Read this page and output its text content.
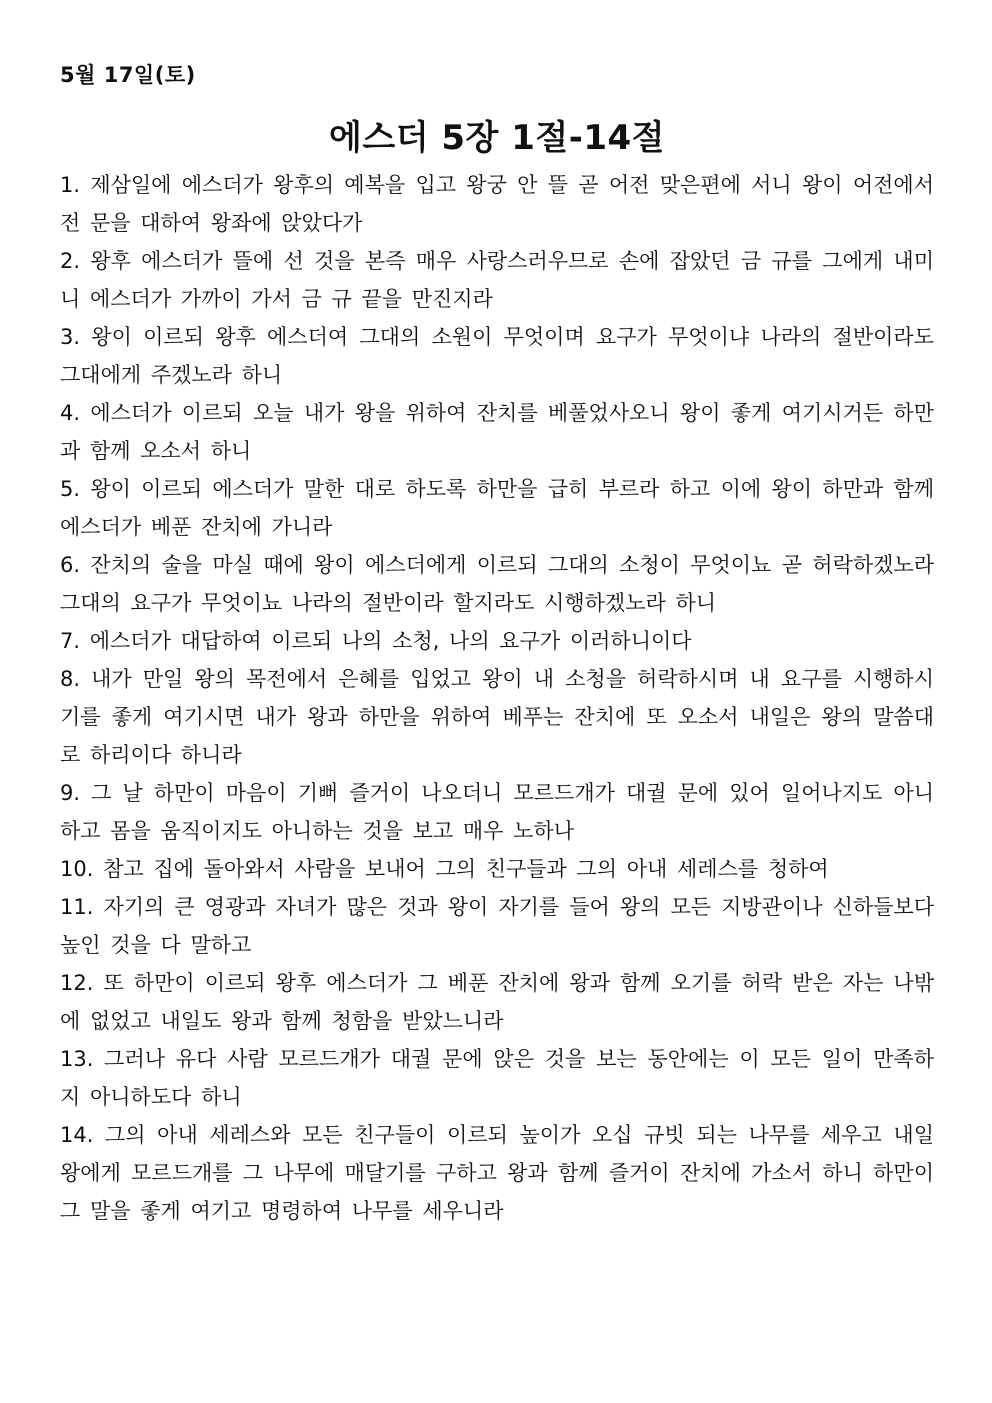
5월 17일(토)

에스더 5장 1절-14절

1. 제삼일에 에스더가 왕후의 예복을 입고 왕궁 안 뜰 곧 어전 맞은편에 서니 왕이 어전에서 전 문을 대하여 왕좌에 앉았다가

2. 왕후 에스더가 뜰에 선 것을 본즉 매우 사랑스러우므로 손에 잡았던 금 규를 그에게 내미니 에스더가 가까이 가서 금 규 끝을 만진지라

3. 왕이 이르되 왕후 에스더여 그대의 소원이 무엇이며 요구가 무엇이냐 나라의 절반이라도 그대에게 주겠노라 하니

4. 에스더가 이르되 오늘 내가 왕을 위하여 잔치를 베풀었사오니 왕이 좋게 여기시거든 하만과 함께 오소서 하니

5. 왕이 이르되 에스더가 말한 대로 하도록 하만을 급히 부르라 하고 이에 왕이 하만과 함께 에스더가 베푼 잔치에 가니라

6. 잔치의 술을 마실 때에 왕이 에스더에게 이르되 그대의 소청이 무엇이뇨 곧 허락하겠노라 그대의 요구가 무엇이뇨 나라의 절반이라 할지라도 시행하겠노라 하니

7. 에스더가 대답하여 이르되 나의 소청, 나의 요구가 이러하니이다

8. 내가 만일 왕의 목전에서 은혜를 입었고 왕이 내 소청을 허락하시며 내 요구를 시행하시기를 좋게 여기시면 내가 왕과 하만을 위하여 베푸는 잔치에 또 오소서 내일은 왕의 말씀대로 하리이다 하니라

9. 그 날 하만이 마음이 기뻐 즐거이 나오더니 모르드개가 대궐 문에 있어 일어나지도 아니하고 몸을 움직이지도 아니하는 것을 보고 매우 노하나

10. 참고 집에 돌아와서 사람을 보내어 그의 친구들과 그의 아내 세레스를 청하여

11. 자기의 큰 영광과 자녀가 많은 것과 왕이 자기를 들어 왕의 모든 지방관이나 신하들보다 높인 것을 다 말하고

12. 또 하만이 이르되 왕후 에스더가 그 베푼 잔치에 왕과 함께 오기를 허락 받은 자는 나밖에 없었고 내일도 왕과 함께 청함을 받았느니라

13. 그러나 유다 사람 모르드개가 대궐 문에 앉은 것을 보는 동안에는 이 모든 일이 만족하지 아니하도다 하니

14. 그의 아내 세레스와 모든 친구들이 이르되 높이가 오십 규빗 되는 나무를 세우고 내일 왕에게 모르드개를 그 나무에 매달기를 구하고 왕과 함께 즐거이 잔치에 가소서 하니 하만이 그 말을 좋게 여기고 명령하여 나무를 세우니라
